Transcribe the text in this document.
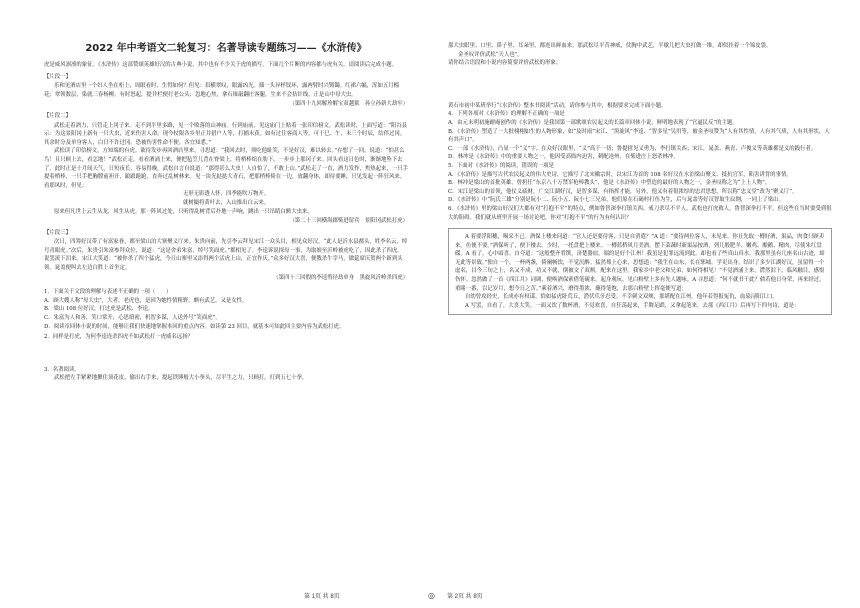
2022 年中考语文二轮复习：名著导读专题练习——《水浒传》

虎是威风凛凛的象征。《水浒传》这部赞颂英雄好汉的古典小说，其中也有不少关于虎的描写。下面几个片断的内容都与虎有关，请阅读后完成小题。

【片段一】

乐和见酒店里一个妇人坐在柜上，周眼看时，生得如何？但见：眉横翠叹，眼露凶光。插一头异样钗环，露两臂时兴钏镯。红裙六幅，浑如五月榴花；翠领数层，染就三春杨柳。有时怒起，提井栏便打老公头；忽地心焦，拿石锥敲翻庄客腿。生来不会拈针线，正是山中母大虫。

（第四十九回解珍解宝双越狱　孙立孙新大劫牢）

【片段二】

武松走着酒力，只管走上冈子来。走不到半里多路，见一个败落的山神庙。行到庙前，见这庙门上贴着一张印信榜文。武松读时，上面写道：“阳谷县示：为这景阳冈上新有一只大虫，近来伤害人命。现今杖限各乡里正并猎户人等，打捕未获。如有过往客商人等，可于巳、午、未三个时辰，结伴过冈。其余时分及单身客人，白日不许过冈。恐被伤害性命不便。各宜知悉。”

武松读了印信榜文，方知端的有虎。欲待发步再回酒店里来，寻思道：“我回去时，须吃他耻笑，不是好汉，难以转去。”存想了一回，说道：“怕甚么鸟！且只顾上去，看怎地！”武松正走，看看酒涌上来，便把毡笠儿背在脊梁上，将梢棒绾在肋下，一步步上那冈子来。回头看这日色时，渐渐地坠下去了。此时正是十月间天气，日短夜长，容易得晚。武松自言自说道：“那得甚么大虫！人自怕了，不敢上山。”武松走了一直，酒力发作，焦热起来，一只手提着梢棒，一只手把胸膛前袒开，踉踉跄跄，直奔过乱树林来。见一块光挞挞大青石，把那梢棒倚在一边，放翻身体，却待要睡，只见发起一阵狂风来。看那风时，但见：

无形无影透人怀，四季能吹万物开。

就树撮将黄叶去，入山推出白云来。

原来但凡世上云生从龙，风生从虎。那一阵风过处，只听得乱树背后扑地一声响，跳出一只吊睛白额大虫来。

（第二十三回横海郡柴进留宾　景阳冈武松打虎）

【片段三】

次日，四筹好汉带了有富家眷，都至梁山泊大寨聚义厅来。朱贵向前，先引李云拜见宋江一众头目，相见众好汉。“此人是沂水县都头，姓李名云，绰号青眼虎。”次后，朱贵引朱富参拜众位，说道：“这是舍弟朱富，绰号笑面虎。”都相见了。李逵诉说探母一事，为取娘至沂岭被虎吃了，因此杀了四虎。说罢流下泪来。宋江大笑道：“被你杀了四个猛虎，今日山寨里又添得两个活虎上山，正宜作庆。”众多好汉大喜，便教杀牛宰马，做筵席庆贺两个新到头领。晁盖便叫去左边白胜上首坐定。

（第四十三回假的李逵剪径劫单身　黑旋风沂岭杀四虎）

1．下面关于文段的理解与表述不正确的一项（　　）

A．顾大嫂人称“母大虫”，大者，老虎也，是因为她性情粗野，颇有武艺，又是女性。

B．梁山 108 位好汉，打过虎是武松、李逵。

C．朱富为人和善，笑口常开，心思缜密，机智多谋，人送外号“笑面虎”。

D．阅读章回体小说的时间，能够让我们快速地掌握本回的重点内容。如读第 23 回目，就基本可知此回主要内容为武松打虎。

2．同样是打虎，为何李逵连杀四虎不如武松打一虎威名远扬？

3．名著阅读。

武松把左手紧紧地揪住顶花皮，偷出右手来，提起铁锤般大小拳头，尽平生之力，只顾打。打到五七十拳，

那大虫眼里、口里、鼻子里、耳朵里，都迸出鲜血来。那武松尽平昔神威，仗胸中武艺，半歇儿把大虫打做一堆，却似挂着一个锦皮袋。

金圣叹评价武松“天人也”。

请你结合语段和小说内容简要评价武松的形象。

黄石市初中某班举行“《水浒传》整本书阅读”活动，请你参与其中，根据要求完成下面小题。

4．下列各项对《水浒传》的理解不正确的一项是

A．由元末明初施耐庵创作的《水浒传》是我国第一部歌颂农民起义的长篇章回体小说，鲜明地表现了“官逼民反”的主题。

B．《水浒传》塑造了一大批栩栩如生的人物形象，如“及时雨”宋江、“黑旋风”李逵、“智多星”吴用等，被金圣叹赞为“人有其性情，人有其气质，人有其形状，人有其声口”。

C．一部《水浒传》，凸显一个“义”字。在众好汉眼里，“义”高于一切；鲁提辖见义勇为，李打镇关西；宋江，晁盖、燕青、卢俊义等英雄都是义的践行者。

D．林冲是《水浒传》中的重要人物之一，他因受高衙内迫害，刺配沧州，在柴进庄上怒杀林冲。

5．下面对《水浒传》的阅读，错误的一项是

A．《水浒传》是描写古代农民起义的伟大史诗，它描写了北宋徽宗时，以宋江为首的 108 名好汉在水泊梁山聚义、抵抗官军，陷害讲背的事情。

B．林冲是梁山的首批英雄，曾担任“东京八十万禁军枪棒教头”，他是《水浒传》中塑造的最好的人物之一，金圣叹称之为“上上人物”。

C．宋江是梁山的首领，他仗义疏财，广交江湖好汉，是智多谋，有指挥才能，另外，他又有着很浓厚的忠君思想，所以称“忠义堂”改为“聚义厅”。

D．《水浒传》中“阮氏三雄”分别是阮小二、阮小五、阮小七三兄弟，他们原在石碣村打鱼为生，后与晁盖等好汉智取生辰纲，一同上了梁山。

6．《水浒传》里的梁山好汉们大都有对“打抱不平”的特点，例如鲁智深拳打镇关西、戒刀杀尽不平人。武松也打虎救人，鲁智深拳打不平，但这些在当时要受到很大的阻碍。我们就从班里开展一场讨论吧，你对“打抱不平”的行为有何认识？

A 着要浮阳穗，喝采不已。酒保上楼来问道：“官人还是要待客，只是自消遣？”A 道：“要待两位客人，未见来。你且先取一樽好酒，果品，肉食只顾卖来。鱼便不要。”酒保听了，便下楼去。少时，一托盘把上楼来。一樽蓝桥风月美酒，摆下菜蔬时新果品按酒，列几般肥羊、嫩鸡、酿鹅、精肉，尽使朱红盘碟。A 看了，心中暗喜，自夸道：“这般整齐肴馔，济楚器皿，端的是好个江州！我虽是犯罪远流到此，却也看了些真山真水。我那里虽有几座名山古迹，却无此等景致。”独自一个，一杯两盏，倚阑畅饮，不觉沉醉。猛然蓦上心来，思想道：“我生在山东，长在郓城，学吏出身，结识了多少江湖好汉，虽留得一个虚名，目今三旬之上，名又不成，功又不就，倒被文了双颊，配来在这里。我家乡中老父和兄弟，如何得相见！”不觉酒涌上来，潸然泪下。临风触目，感恨伤怀。忽然做了一首《西江月》词调，便唤酒保索借笔砚来。起身观玩，见白粉壁上多有先人题咏。A 寻思道：“何不就书于此？倘若他日身荣，再来经过，重睹一番，以记岁月，想今日之苦。”乘着酒兴，磨得墨浓，蘸得笔饱，去那白粉壁上挥毫便写道：

自幼曾攻经史，长成亦有权谋。恰如猛虎卧荒丘，潜伏爪牙忍受。不幸刺文双颊，那堪配在江州。他年若得报冤仇，血染浔阳江口。

A 写罢，自看了，大喜大笑。一面又饮了数杯酒，不觉欢喜，自狂荡起来，手舞足蹈，又拿起笔来，去那《西江月》后再写下四句诗，道是：

第 1页 共 8页	◎ 第 2页 共 8页
